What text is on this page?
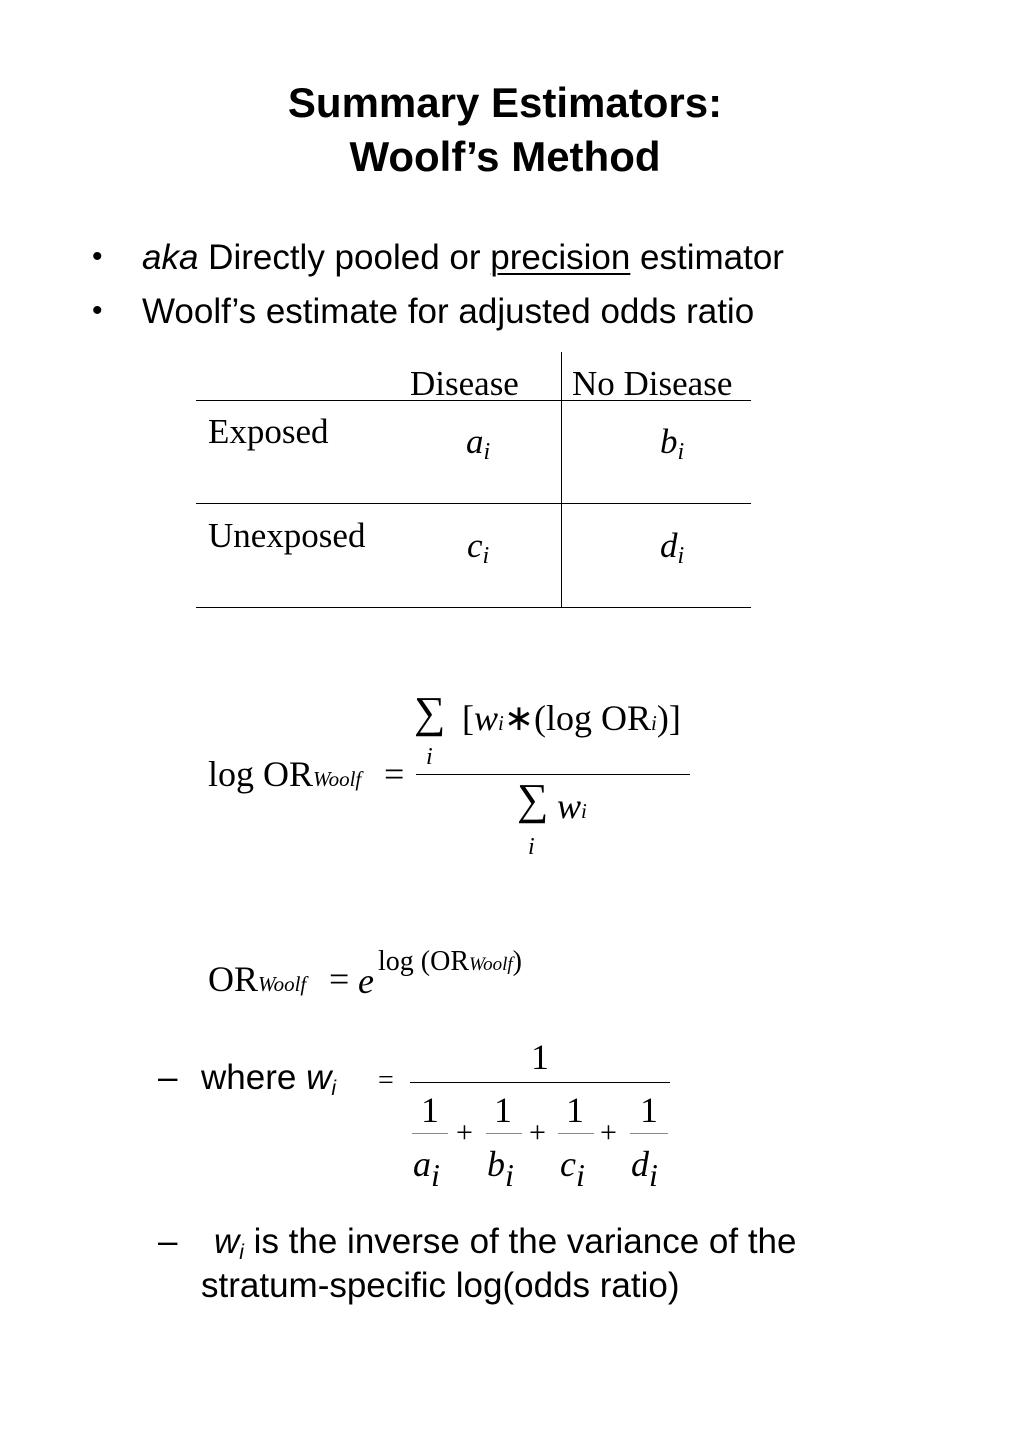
Summary Estimators:
Woolf’s Method
• aka Directly pooled or precision estimator
• Woolf’s estimate for adjusted odds ratio
Disease No Disease
Exposed
Unexposed
$a_i$	$b_i$
$c_i$	$d_i$
log ORWoolf =
∑
i
[wi∗(log ORi)]
∑
i
wi
ORWoolf = e log (ORWoolf)
– where wi =
1
1
ai
+
1
bi
+
1
ci
+
1
di
– wi is the inverse of the variance of the
stratum-specific log(odds ratio)
